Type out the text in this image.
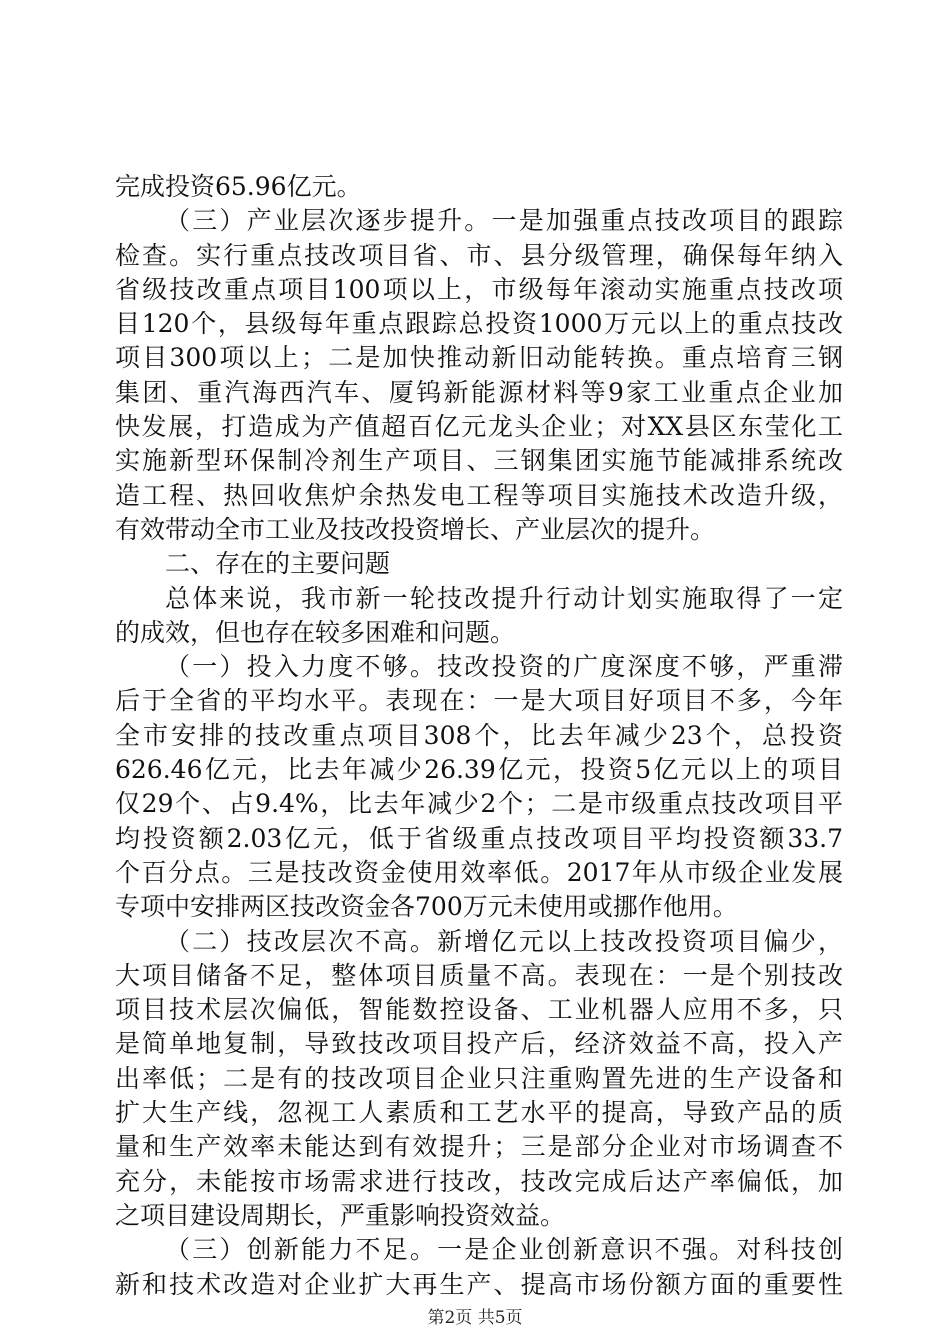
完成投资65.96亿元。
（三）产业层次逐步提升。一是加强重点技改项目的跟踪
检查。实行重点技改项目省、市、县分级管理，确保每年纳入
省级技改重点项目100项以上，市级每年滚动实施重点技改项
目120个，县级每年重点跟踪总投资1000万元以上的重点技改
项目300项以上；二是加快推动新旧动能转换。重点培育三钢
集团、重汽海西汽车、厦钨新能源材料等9家工业重点企业加
快发展，打造成为产值超百亿元龙头企业；对XX县区东莹化工
实施新型环保制冷剂生产项目、三钢集团实施节能减排系统改
造工程、热回收焦炉余热发电工程等项目实施技术改造升级，
有效带动全市工业及技改投资增长、产业层次的提升。
二、存在的主要问题
总体来说，我市新一轮技改提升行动计划实施取得了一定
的成效，但也存在较多困难和问题。
（一）投入力度不够。技改投资的广度深度不够，严重滞
后于全省的平均水平。表现在：一是大项目好项目不多，今年
全市安排的技改重点项目308个，比去年减少23个，总投资
626.46亿元，比去年减少26.39亿元，投资5亿元以上的项目
仅29个、占9.4%，比去年减少2个；二是市级重点技改项目平
均投资额2.03亿元，低于省级重点技改项目平均投资额33.7
个百分点。三是技改资金使用效率低。2017年从市级企业发展
专项中安排两区技改资金各700万元未使用或挪作他用。
（二）技改层次不高。新增亿元以上技改投资项目偏少，
大项目储备不足，整体项目质量不高。表现在：一是个别技改
项目技术层次偏低，智能数控设备、工业机器人应用不多，只
是简单地复制，导致技改项目投产后，经济效益不高，投入产
出率低；二是有的技改项目企业只注重购置先进的生产设备和
扩大生产线，忽视工人素质和工艺水平的提高，导致产品的质
量和生产效率未能达到有效提升；三是部分企业对市场调查不
充分，未能按市场需求进行技改，技改完成后达产率偏低，加
之项目建设周期长，严重影响投资效益。
（三）创新能力不足。一是企业创新意识不强。对科技创
新和技术改造对企业扩大再生产、提高市场份额方面的重要性
第2页 共5页
